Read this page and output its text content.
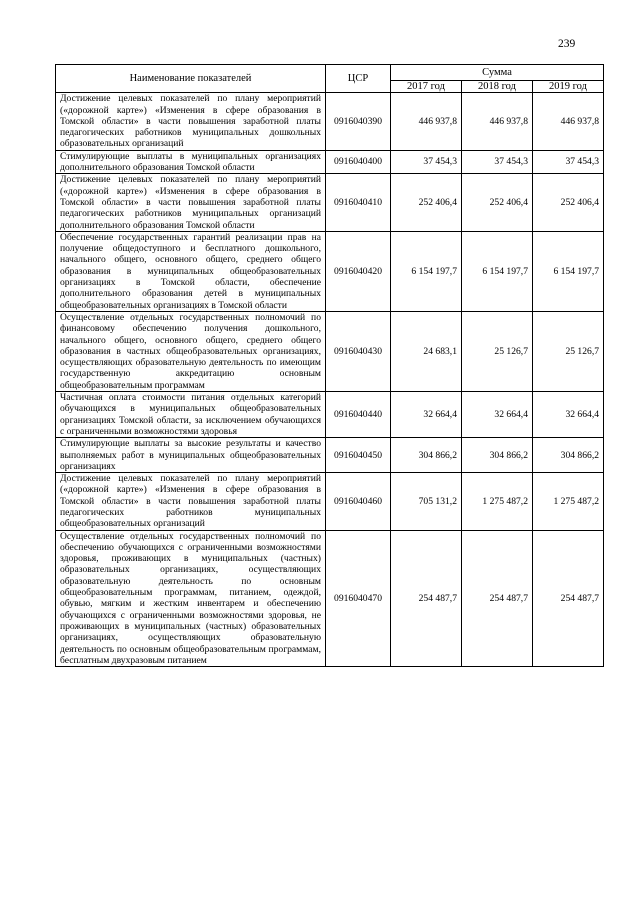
239
Наименование показателей	ЦСР	Сумма		
		2017 год	2018 год	2019 год
Достижение целевых показателей по плану мероприятий («дорожной карте») «Изменения в сфере образования в Томской области» в части повышения заработной платы педагогических работников муниципальных дошкольных образовательных организаций	0916040390	446 937,8	446 937,8	446 937,8
Стимулирующие выплаты в муниципальных организациях дополнительного образования Томской области	0916040400	37 454,3	37 454,3	37 454,3
Достижение целевых показателей по плану мероприятий («дорожной карте») «Изменения в сфере образования в Томской области» в части повышения заработной платы педагогических работников муниципальных организаций дополнительного образования Томской области	0916040410	252 406,4	252 406,4	252 406,4
Обеспечение государственных гарантий реализации прав на получение общедоступного и бесплатного дошкольного, начального общего, основного общего, среднего общего образования в муниципальных общеобразовательных организациях в Томской области, обеспечение дополнительного образования детей в муниципальных общеобразовательных организациях в Томской области	0916040420	6 154 197,7	6 154 197,7	6 154 197,7
Осуществление отдельных государственных полномочий по финансовому обеспечению получения дошкольного, начального общего, основного общего, среднего общего образования в частных общеобразовательных организациях, осуществляющих образовательную деятельность по имеющим государственную аккредитацию основным общеобразовательным программам	0916040430	24 683,1	25 126,7	25 126,7
Частичная оплата стоимости питания отдельных категорий обучающихся в муниципальных общеобразовательных организациях Томской области, за исключением обучающихся с ограниченными возможностями здоровья	0916040440	32 664,4	32 664,4	32 664,4
Стимулирующие выплаты за высокие результаты и качество выполняемых работ в муниципальных общеобразовательных организациях	0916040450	304 866,2	304 866,2	304 866,2
Достижение целевых показателей по плану мероприятий («дорожной карте») «Изменения в сфере образования в Томской области» в части повышения заработной платы педагогических работников муниципальных общеобразовательных организаций	0916040460	705 131,2	1 275 487,2	1 275 487,2
Осуществление отдельных государственных полномочий по обеспечению обучающихся с ограниченными возможностями здоровья, проживающих в муниципальных (частных) образовательных организациях, осуществляющих образовательную деятельность по основным общеобразовательным программам, питанием, одеждой, обувью, мягким и жестким инвентарем и обеспечению обучающихся с ограниченными возможностями здоровья, не проживающих в муниципальных (частных) образовательных организациях, осуществляющих образовательную деятельность по основным общеобразовательным программам, бесплатным двухразовым питанием	0916040470	254 487,7	254 487,7	254 487,7
